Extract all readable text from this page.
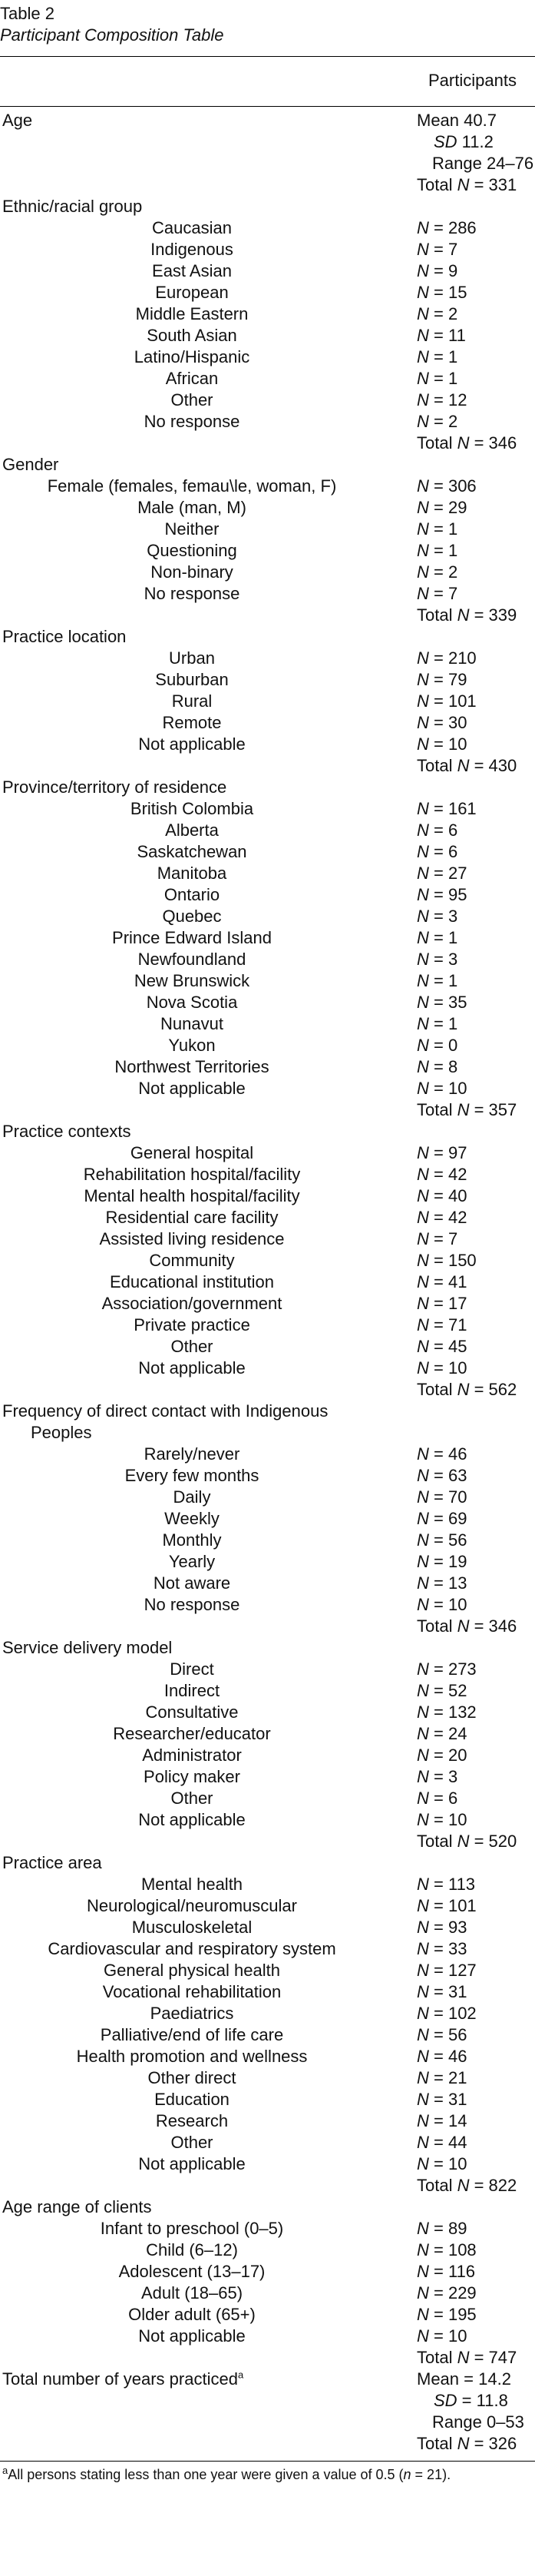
Table 2
Participant Composition Table
Participants
Age	Mean 40.7
SD 11.2
Range 24–76
Total N = 331
Ethnic/racial group
Caucasian	N = 286
Indigenous	N = 7
East Asian	N = 9
European	N = 15
Middle Eastern	N = 2
South Asian	N = 11
Latino/Hispanic	N = 1
African	N = 1
Other	N = 12
No response	N = 2
Total N = 346
Gender
Female (females, femau\le, woman, F)	N = 306
Male (man, M)	N = 29
Neither	N = 1
Questioning	N = 1
Non-binary	N = 2
No response	N = 7
Total N = 339
Practice location
Urban	N = 210
Suburban	N = 79
Rural	N = 101
Remote	N = 30
Not applicable	N = 10
Total N = 430
Province/territory of residence
British Colombia	N = 161
Alberta	N = 6
Saskatchewan	N = 6
Manitoba	N = 27
Ontario	N = 95
Quebec	N = 3
Prince Edward Island	N = 1
Newfoundland	N = 3
New Brunswick	N = 1
Nova Scotia	N = 35
Nunavut	N = 1
Yukon	N = 0
Northwest Territories	N = 8
Not applicable	N = 10
Total N = 357
Practice contexts
General hospital	N = 97
Rehabilitation hospital/facility	N = 42
Mental health hospital/facility	N = 40
Residential care facility	N = 42
Assisted living residence	N = 7
Community	N = 150
Educational institution	N = 41
Association/government	N = 17
Private practice	N = 71
Other	N = 45
Not applicable	N = 10
Total N = 562
Frequency of direct contact with Indigenous
Peoples
Rarely/never	N = 46
Every few months	N = 63
Daily	N = 70
Weekly	N = 69
Monthly	N = 56
Yearly	N = 19
Not aware	N = 13
No response	N = 10
Total N = 346
Service delivery model
Direct	N = 273
Indirect	N = 52
Consultative	N = 132
Researcher/educator	N = 24
Administrator	N = 20
Policy maker	N = 3
Other	N = 6
Not applicable	N = 10
Total N = 520
Practice area
Mental health	N = 113
Neurological/neuromuscular	N = 101
Musculoskeletal	N = 93
Cardiovascular and respiratory system	N = 33
General physical health	N = 127
Vocational rehabilitation	N = 31
Paediatrics	N = 102
Palliative/end of life care	N = 56
Health promotion and wellness	N = 46
Other direct	N = 21
Education	N = 31
Research	N = 14
Other	N = 44
Not applicable	N = 10
Total N = 822
Age range of clients
Infant to preschool (0–5)	N = 89
Child (6–12)	N = 108
Adolescent (13–17)	N = 116
Adult (18–65)	N = 229
Older adult (65+)	N = 195
Not applicable	N = 10
Total N = 747
Total number of years practiced$^a$	Mean = 14.2
SD = 11.8
Range 0–53
Total N = 326
$^a$All persons stating less than one year were given a value of 0.5 (n = 21).
